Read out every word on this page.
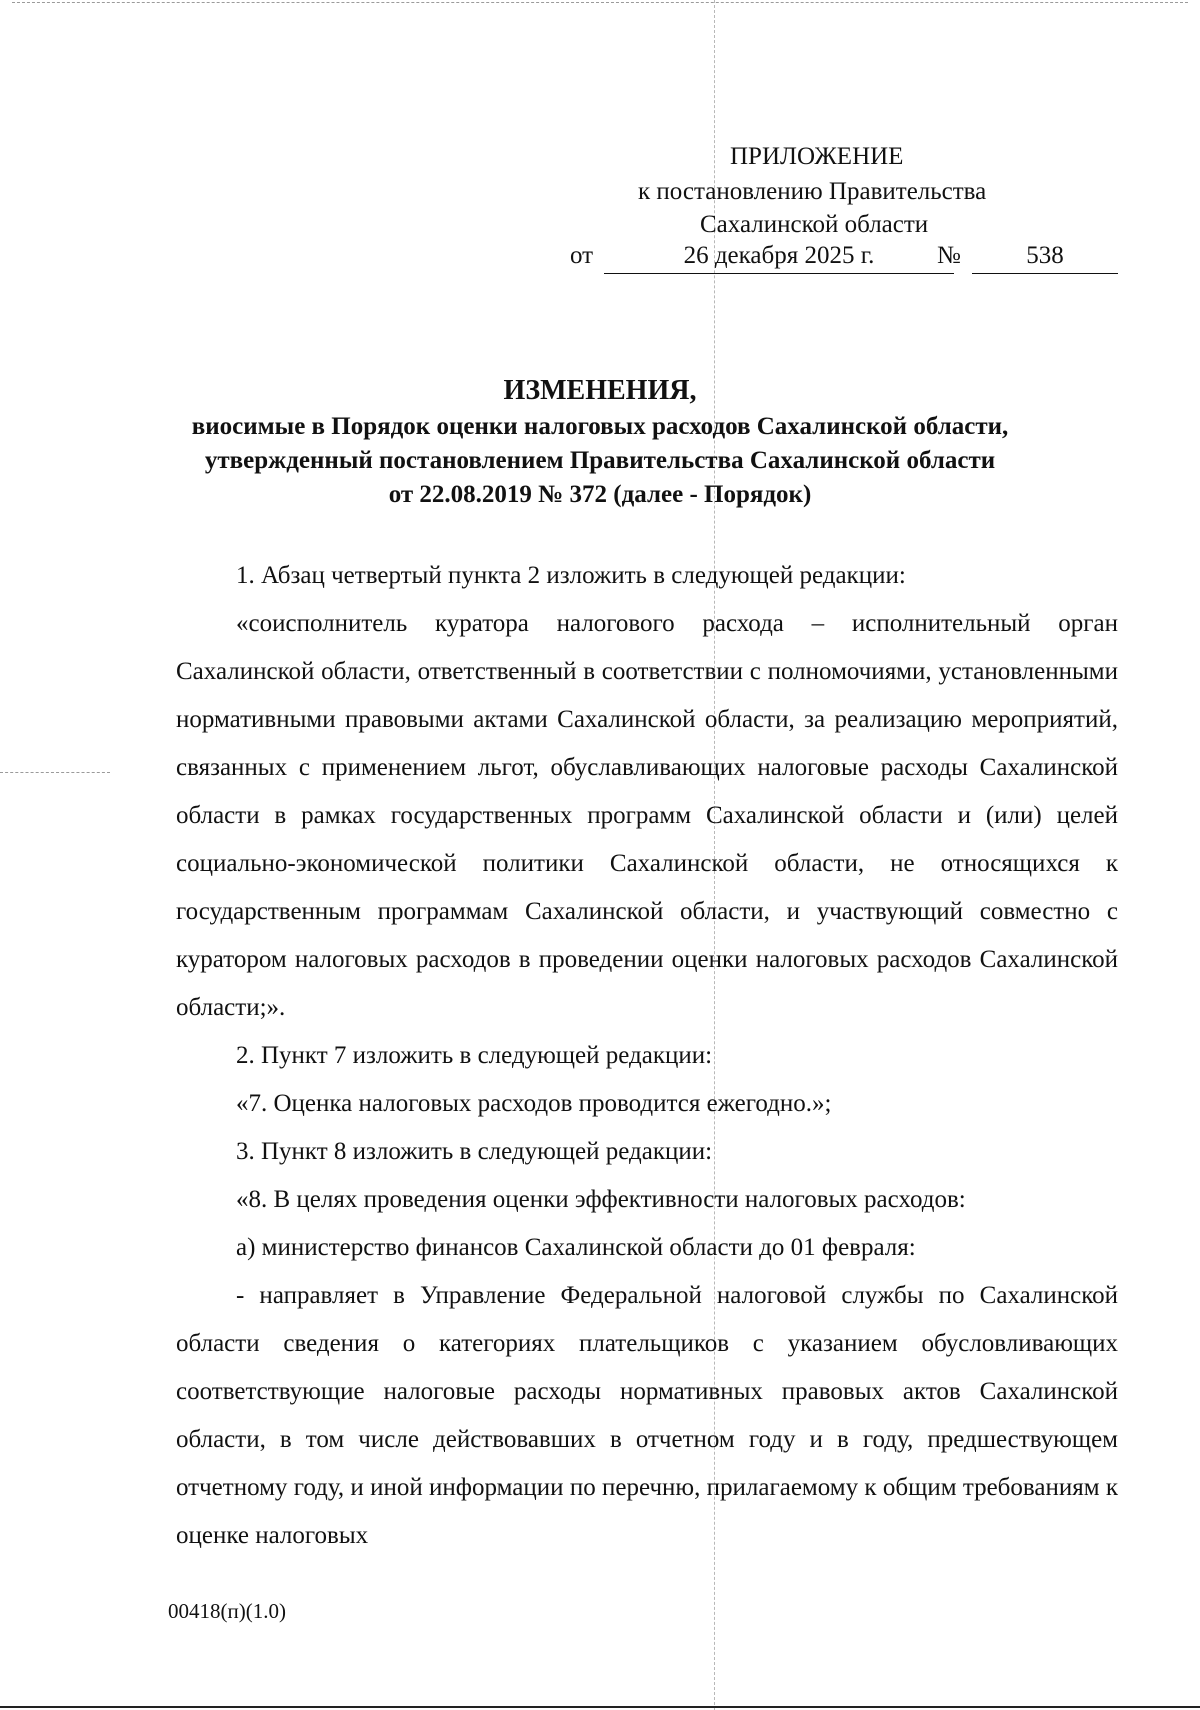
ПРИЛОЖЕНИЕ
к постановлению Правительства
Сахалинской области
от	26 декабря 2025 г.	№	538
ИЗМЕНЕНИЯ,
виосимые в Порядок оценки налоговых расходов Сахалинской области,
утвержденный постановлением Правительства Сахалинской области
от 22.08.2019 № 372 (далее - Порядок)

1. Абзац четвертый пункта 2 изложить в следующей редакции:

«соисполнитель куратора налогового расхода – исполнительный орган Сахалинской области, ответственный в соответствии с полномочиями, установленными нормативными правовыми актами Сахалинской области, за реализацию мероприятий, связанных с применением льгот, обуславливающих налоговые расходы Сахалинской области в рамках государственных программ Сахалинской области и (или) целей социально-экономической политики Сахалинской области, не относящихся к государственным программам Сахалинской области, и участвующий совместно с куратором налоговых расходов в проведении оценки налоговых расходов Сахалинской области;».

2. Пункт 7 изложить в следующей редакции:

«7. Оценка налоговых расходов проводится ежегодно.»;

3. Пункт 8 изложить в следующей редакции:

«8. В целях проведения оценки эффективности налоговых расходов:

а) министерство финансов Сахалинской области до 01 февраля:

- направляет в Управление Федеральной налоговой службы по Сахалинской области сведения о категориях плательщиков с указанием обусловливающих соответствующие налоговые расходы нормативных правовых актов Сахалинской области, в том числе действовавших в отчетном году и в году, предшествующем отчетному году, и иной информации по перечню, прилагаемому к общим требованиям к оценке налоговых

00418(п)(1.0)
